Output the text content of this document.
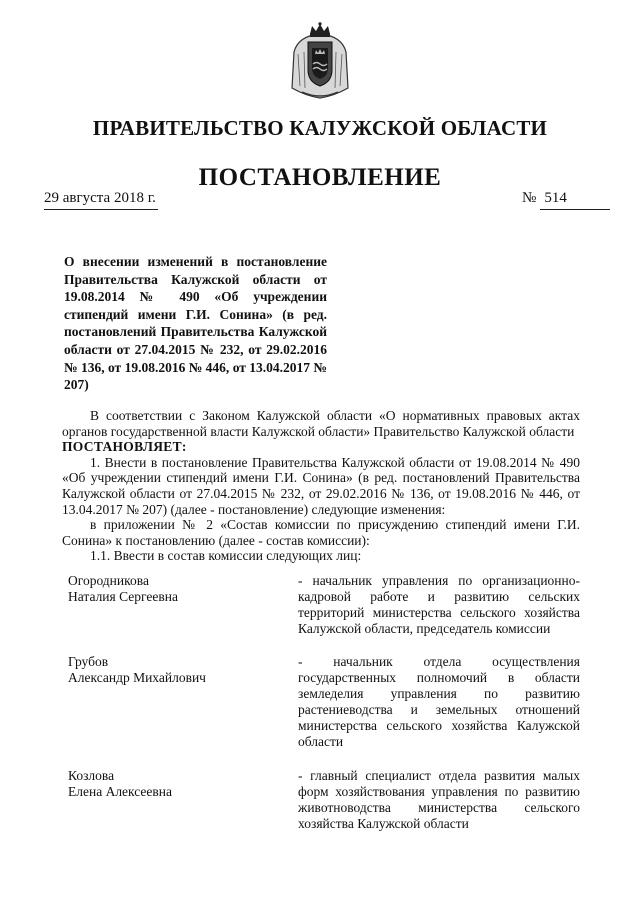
ПРАВИТЕЛЬСТВО КАЛУЖСКОЙ ОБЛАСТИ
ПОСТАНОВЛЕНИЕ
29 августа 2018 г.	№ 514
О внесении изменений в постановление Правительства Калужской области от 19.08.2014 № 490 «Об учреждении стипендий имени Г.И. Сонина» (в ред. постановлений Правительства Калужской области от 27.04.2015 № 232, от 29.02.2016 № 136, от 19.08.2016 № 446, от 13.04.2017 № 207)

В соответствии с Законом Калужской области «О нормативных правовых актах органов государственной власти Калужской области» Правительство Калужской области

ПОСТАНОВЛЯЕТ:

1. Внести в постановление Правительства Калужской области от 19.08.2014 № 490 «Об учреждении стипендий имени Г.И. Сонина» (в ред. постановлений Правительства Калужской области от 27.04.2015 № 232, от 29.02.2016 № 136, от 19.08.2016 № 446, от 13.04.2017 № 207) (далее - постановление) следующие изменения:

в приложении № 2 «Состав комиссии по присуждению стипендий имени Г.И. Сонина» к постановлению (далее - состав комиссии):

1.1. Ввести в состав комиссии следующих лиц:

Огородникова
Наталия Сергеевна
- начальник управления по организационно-кадровой работе и развитию сельских территорий министерства сельского хозяйства Калужской области, председатель комиссии
Грубов
Александр Михайлович
- начальник отдела осуществления государственных полномочий в области земледелия управления по развитию растениеводства и земельных отношений министерства сельского хозяйства Калужской области
Козлова
Елена Алексеевна
- главный специалист отдела развития малых форм хозяйствования управления по развитию животноводства министерства сельского хозяйства Калужской области
